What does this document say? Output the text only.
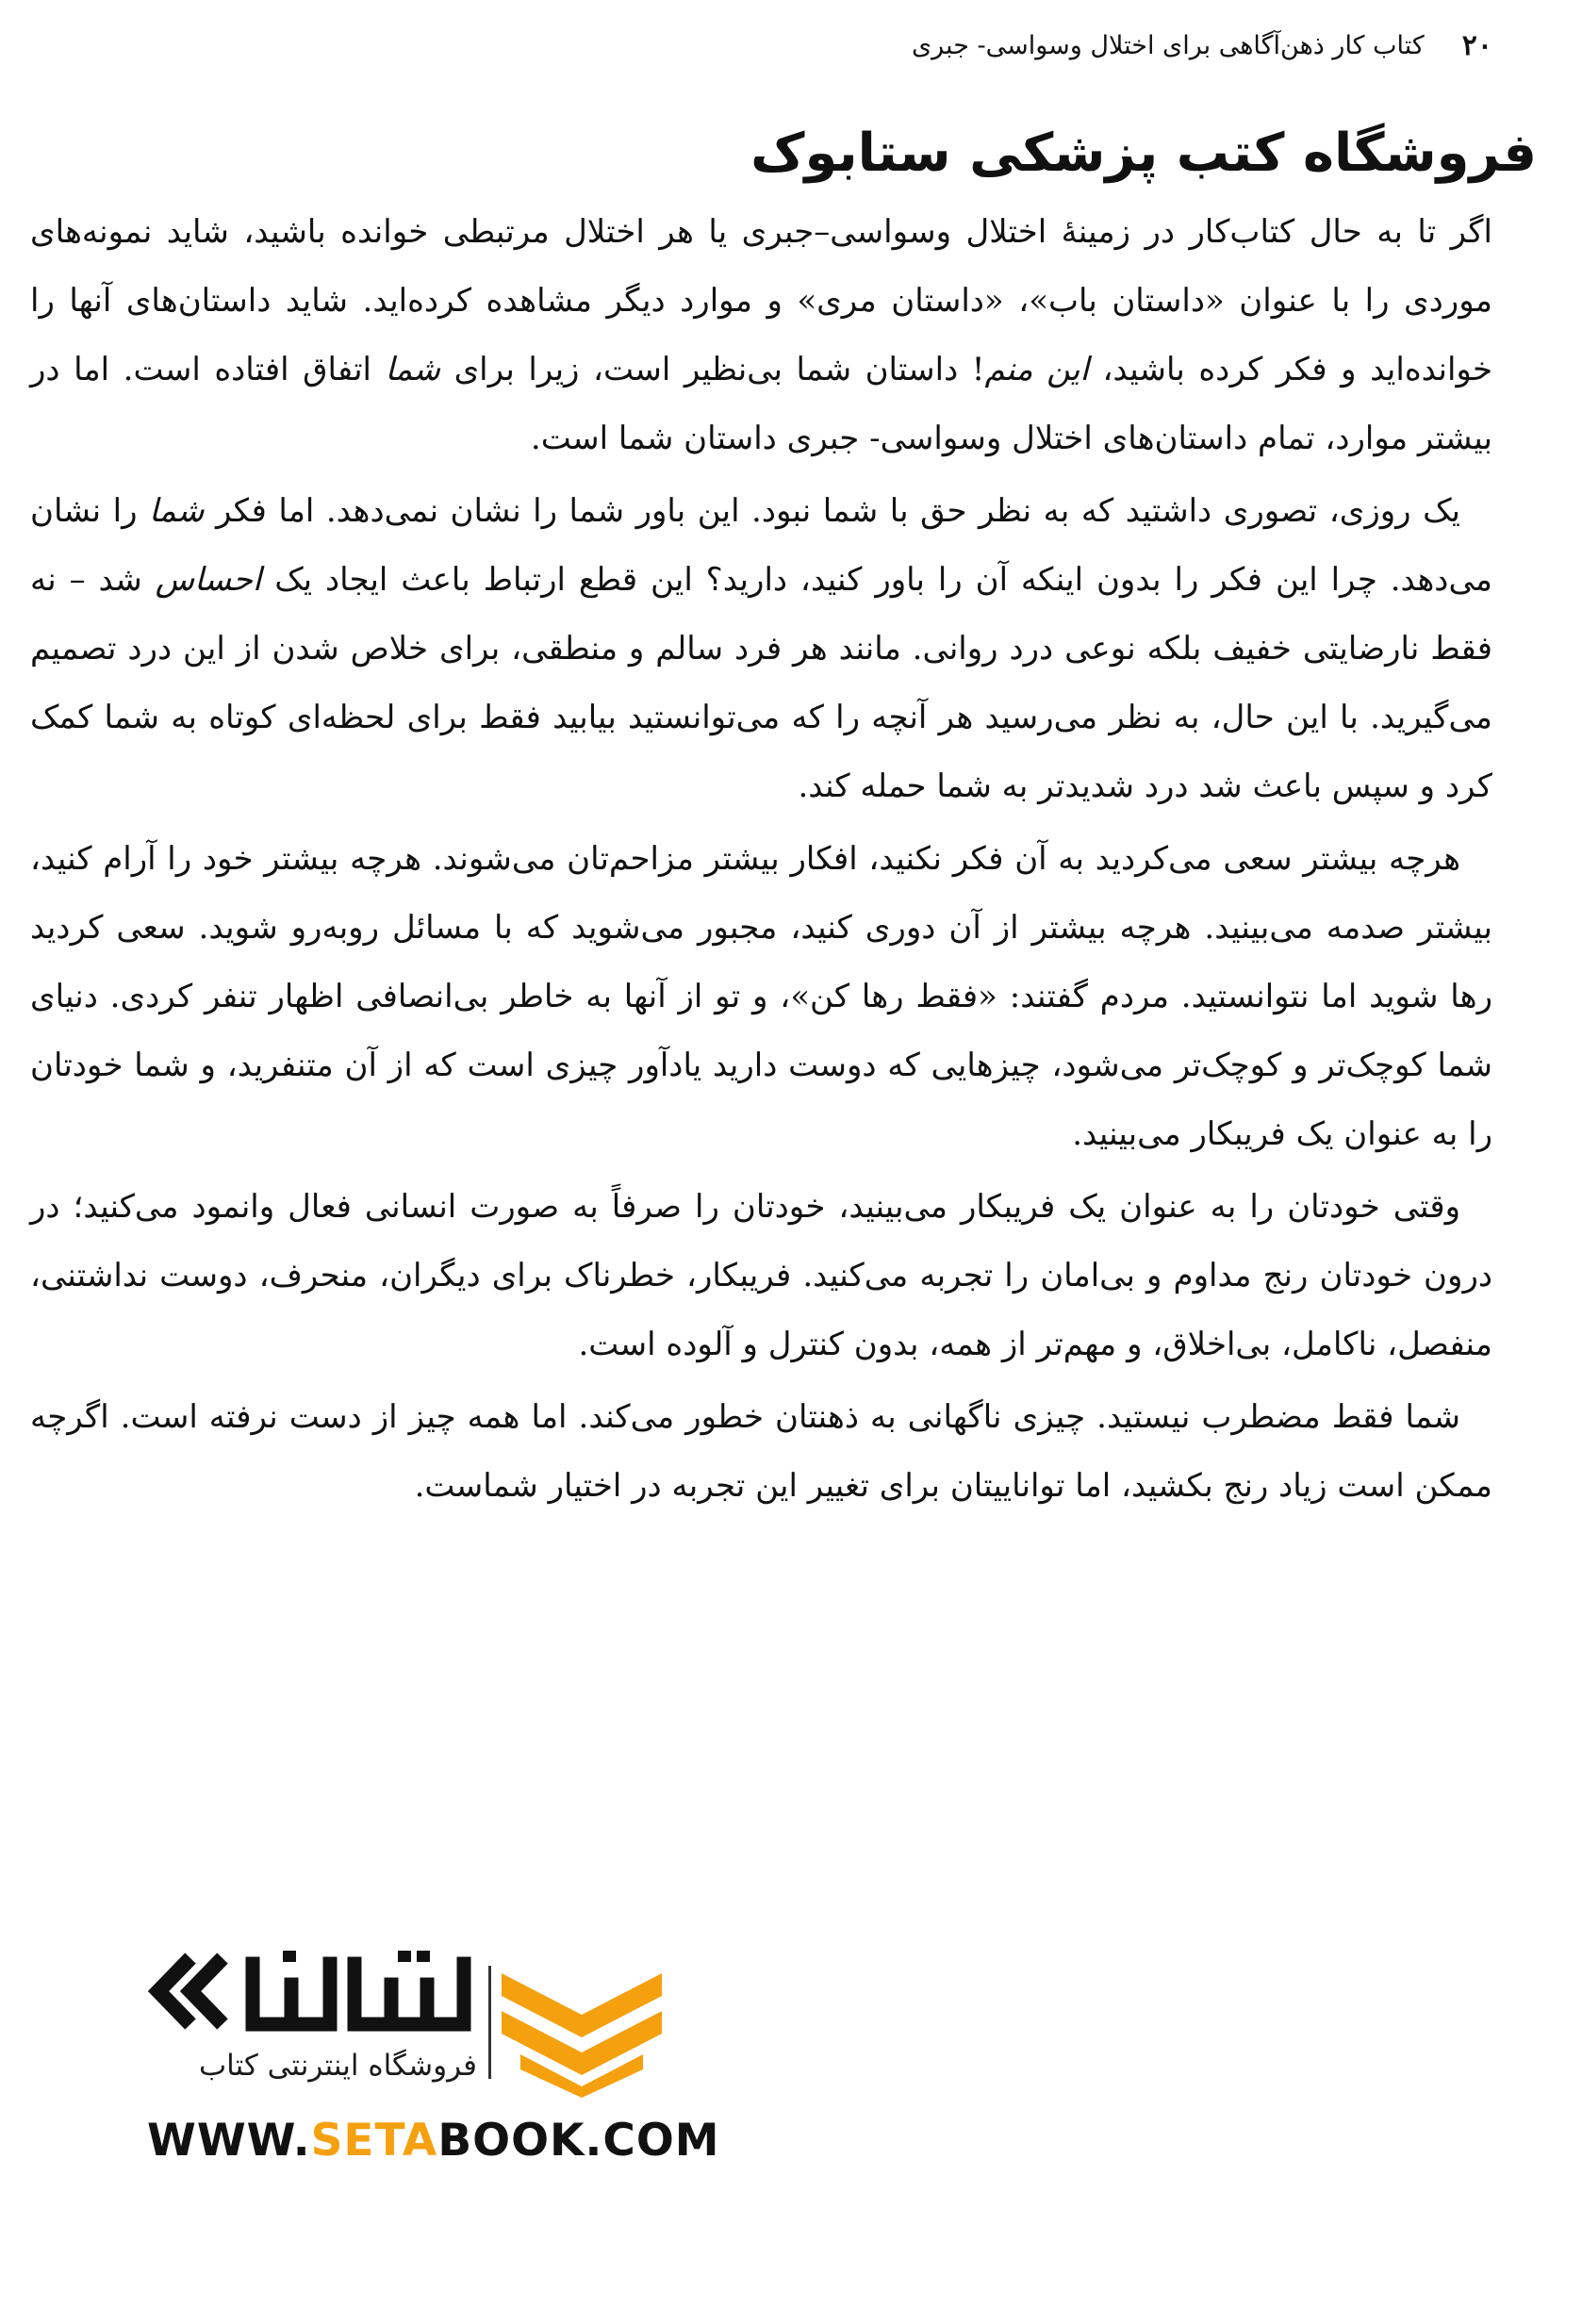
۲۰
کتاب کار ذهن‌آگاهی برای اختلال وسواسی- جبری
فروشگاه کتب پزشکی ستابوک

اگر تا به حال کتاب‌کار در زمینهٔ اختلال وسواسی–جبری یا هر اختلال مرتبطی خوانده باشید، شاید نمونه‌های موردی را با عنوان «داستان باب»، «داستان مری» و موارد دیگر مشاهده کرده‌اید. شاید داستان‌های آنها را خوانده‌اید و فکر کرده باشید، این منم! داستان شما بی‌نظیر است، زیرا برای شما اتفاق افتاده است. اما در بیشتر موارد، تمام داستان‌های اختلال وسواسی- جبری داستان شما است.

یک روزی، تصوری داشتید که به نظر حق با شما نبود. این باور شما را نشان نمی‌دهد. اما فکر شما را نشان می‌دهد. چرا این فکر را بدون اینکه آن را باور کنید، دارید؟ این قطع ارتباط باعث ایجاد یک احساس شد – نه فقط نارضایتی خفیف بلکه نوعی درد روانی. مانند هر فرد سالم و منطقی، برای خلاص شدن از این درد تصمیم می‌گیرید. با این حال، به نظر می‌رسید هر آنچه را که می‌توانستید بیابید فقط برای لحظه‌ای کوتاه به شما کمک کرد و سپس باعث شد درد شدیدتر به شما حمله کند.

هرچه بیشتر سعی می‌کردید به آن فکر نکنید، افکار بیشتر مزاحم‌تان می‌شوند. هرچه بیشتر خود را آرام کنید، بیشتر صدمه می‌بینید. هرچه بیشتر از آن دوری کنید، مجبور می‌شوید که با مسائل روبه‌رو شوید. سعی کردید رها شوید اما نتوانستید. مردم گفتند: «فقط رها کن»، و تو از آنها به خاطر بی‌انصافی اظهار تنفر کردی. دنیای شما کوچک‌تر و کوچک‌تر می‌شود، چیزهایی که دوست دارید یادآور چیزی است که از آن متنفرید، و شما خودتان را به عنوان یک فریبکار می‌بینید.

وقتی خودتان را به عنوان یک فریبکار می‌بینید، خودتان را صرفاً به صورت انسانی فعال وانمود می‌کنید؛ در درون خودتان رنج مداوم و بی‌امان را تجربه می‌کنید. فریبکار، خطرناک برای دیگران، منحرف، دوست نداشتنی، منفصل، ناکامل، بی‌اخلاق، و مهم‌تر از همه، بدون کنترل و آلوده است.

شما فقط مضطرب نیستید. چیزی ناگهانی به ذهنتان خطور می‌کند. اما همه چیز از دست نرفته است. اگرچه ممکن است زیاد رنج بکشید، اما تواناییتان برای تغییر این تجربه در اختیار شماست.

فروشگاه اینترنتی کتاب
WWW.SETABOOK.COM
